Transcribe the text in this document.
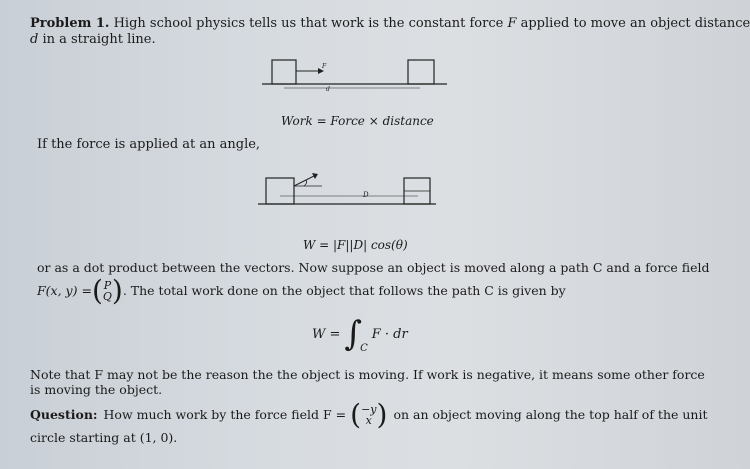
Problem 1. High school physics tells us that work is the constant force F applied to move an object distance
d in a straight line.
F
d
Work = Force × distance
If the force is applied at an angle,
D
W = |F||D| cos(θ)
or as a dot product between the vectors. Now suppose an object is moved along a path C and a force field
F(x, y) = ( P
Q ) . The total work done on the object that follows the path C is given by
W = ∫
C
F · dr
Note that F may not be the reason the the object is moving. If work is negative, it means some other force
is moving the object.
Question: How much work by the force field F = ( −y
x ) on an object moving along the top half of the unit
circle starting at (1, 0).
